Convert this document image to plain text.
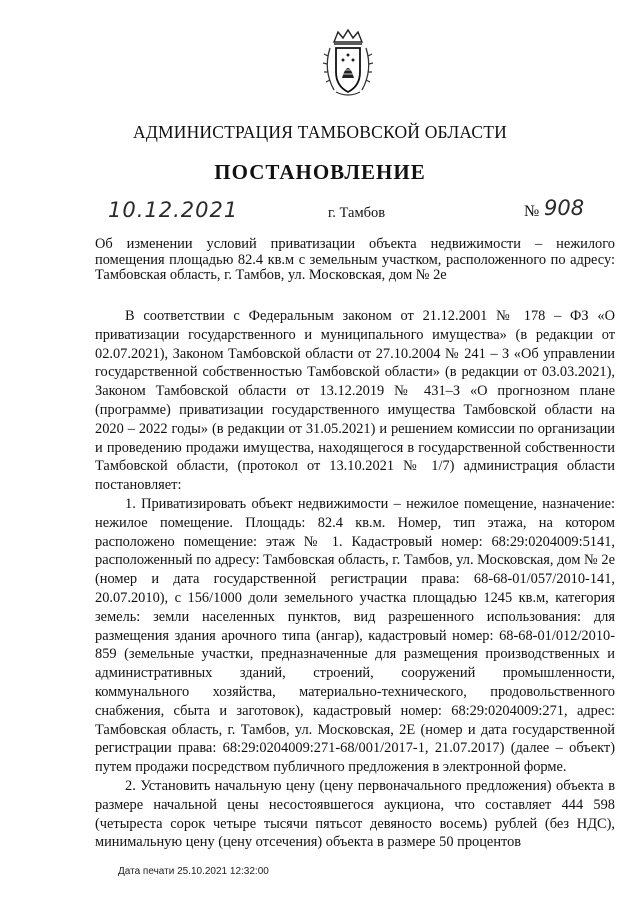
АДМИНИСТРАЦИЯ ТАМБОВСКОЙ ОБЛАСТИ
ПОСТАНОВЛЕНИЕ
10.12.2021	г. Тамбов	№ 908
Об изменении условий приватизации объекта недвижимости – нежилого помещения площадью 82.4 кв.м с земельным участком, расположенного по адресу: Тамбовская область, г. Тамбов, ул. Московская, дом № 2е

В соответствии с Федеральным законом от 21.12.2001 № 178 – ФЗ «О приватизации государственного и муниципального имущества» (в редакции от 02.07.2021), Законом Тамбовской области от 27.10.2004 № 241 – З «Об управлении государственной собственностью Тамбовской области» (в редакции от 03.03.2021), Законом Тамбовской области от 13.12.2019 № 431–З «О прогнозном плане (программе) приватизации государственного имущества Тамбовской области на 2020 – 2022 годы» (в редакции от 31.05.2021) и решением комиссии по организации и проведению продажи имущества, находящегося в государственной собственности Тамбовской области, (протокол от 13.10.2021 № 1/7) администрация области постановляет:

1. Приватизировать объект недвижимости – нежилое помещение, назначение: нежилое помещение. Площадь: 82.4 кв.м. Номер, тип этажа, на котором расположено помещение: этаж № 1. Кадастровый номер: 68:29:0204009:5141, расположенный по адресу: Тамбовская область, г. Тамбов, ул. Московская, дом № 2е (номер и дата государственной регистрации права: 68-68-01/057/2010-141, 20.07.2010), с 156/1000 доли земельного участка площадью 1245 кв.м, категория земель: земли населенных пунктов, вид разрешенного использования: для размещения здания арочного типа (ангар), кадастровый номер: 68-68-01/012/2010-859 (земельные участки, предназначенные для размещения производственных и административных зданий, строений, сооружений промышленности, коммунального хозяйства, материально-технического, продовольственного снабжения, сбыта и заготовок), кадастровый номер: 68:29:0204009:271, адрес: Тамбовская область, г. Тамбов, ул. Московская, 2Е (номер и дата государственной регистрации права: 68:29:0204009:271-68/001/2017-1, 21.07.2017) (далее – объект) путем продажи посредством публичного предложения в электронной форме.

2. Установить начальную цену (цену первоначального предложения) объекта в размере начальной цены несостоявшегося аукциона, что составляет 444 598 (четыреста сорок четыре тысячи пятьсот девяносто восемь) рублей (без НДС), минимальную цену (цену отсечения) объекта в размере 50 процентов

Дата печати 25.10.2021 12:32:00
